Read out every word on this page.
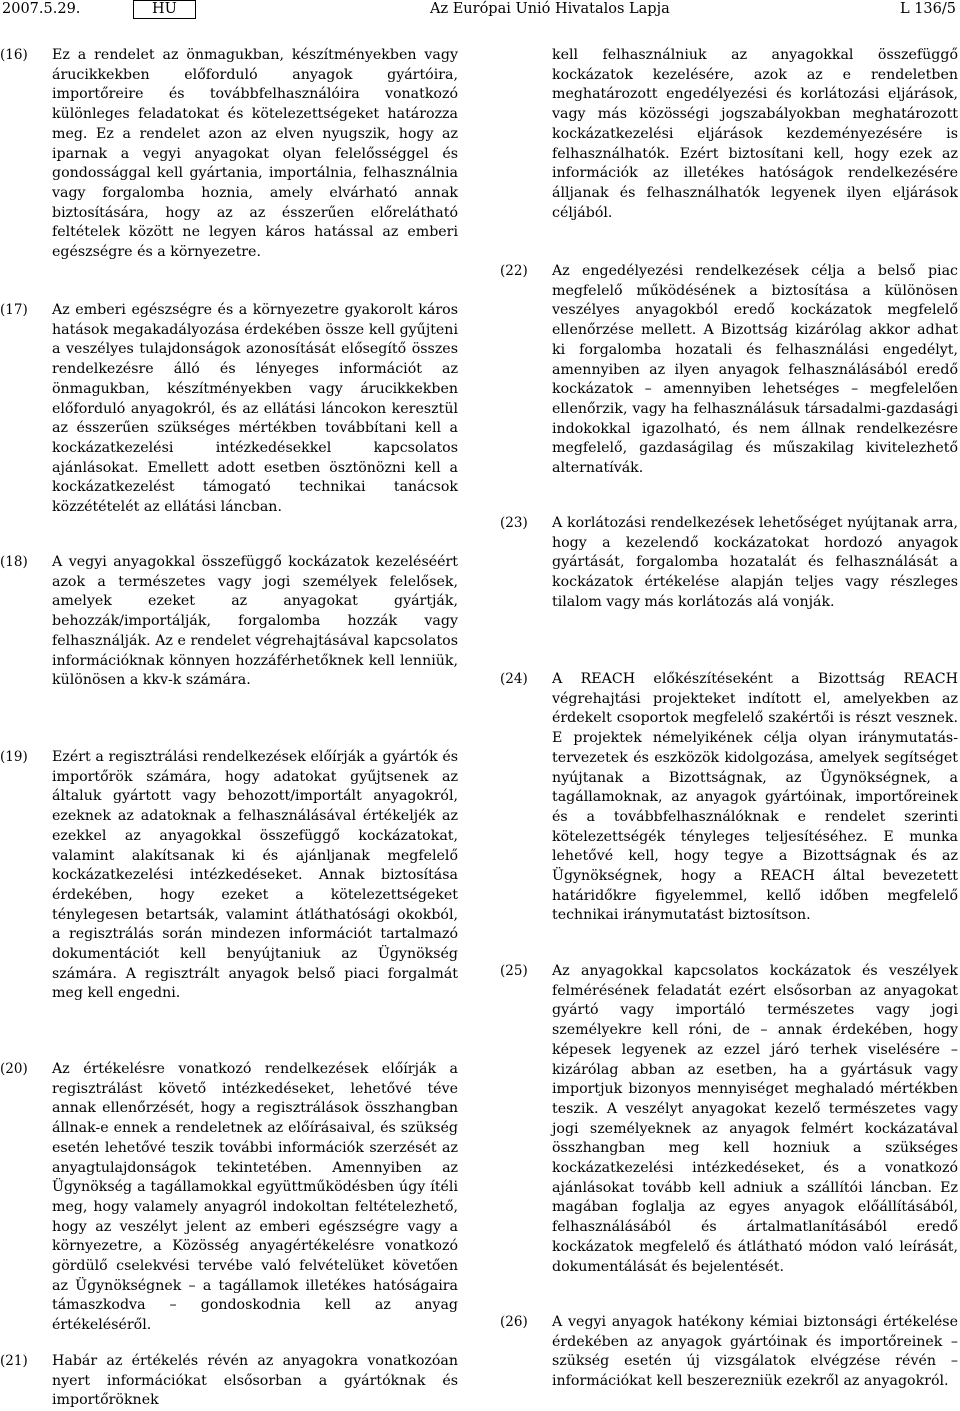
2007.5.29.	HU	Az Európai Unió Hivatalos Lapja	L 136/5
(16) Ez a rendelet az önmagukban, készítményekben vagy árucikkekben előforduló anyagok gyártóira, importőreire és továbbfelhasználóira vonatkozó különleges feladatokat és kötelezettségeket határozza meg. Ez a rendelet azon az elven nyugszik, hogy az iparnak a vegyi anyagokat olyan felelősséggel és gondossággal kell gyártania, importálnia, felhasználnia vagy forgalomba hoznia, amely elvárható annak biztosítására, hogy az az ésszerűen előrelátható feltételek között ne legyen káros hatással az emberi egészségre és a környezetre.
(17) Az emberi egészségre és a környezetre gyakorolt káros hatások megakadályozása érdekében össze kell gyűjteni a veszélyes tulajdonságok azonosítását elősegítő összes rendelkezésre álló és lényeges információt az önmagukban, készítményekben vagy árucikkekben előforduló anyagokról, és az ellátási láncokon keresztül az ésszerűen szükséges mértékben továbbítani kell a kockázatkezelési intézkedésekkel kapcsolatos ajánlásokat. Emellett adott esetben ösztönözni kell a kockázatkezelést támogató technikai tanácsok közzétételét az ellátási láncban.
(18) A vegyi anyagokkal összefüggő kockázatok kezeléséért azok a természetes vagy jogi személyek felelősek, amelyek ezeket az anyagokat gyártják, behozzák/importálják, forgalomba hozzák vagy felhasználják. Az e rendelet végrehajtásával kapcsolatos információknak könnyen hozzáférhetőknek kell lenniük, különösen a kkv-k számára.
(19) Ezért a regisztrálási rendelkezések előírják a gyártók és importőrök számára, hogy adatokat gyűjtsenek az általuk gyártott vagy behozott/importált anyagokról, ezeknek az adatoknak a felhasználásával értékeljék az ezekkel az anyagokkal összefüggő kockázatokat, valamint alakítsanak ki és ajánljanak megfelelő kockázatkezelési intézkedéseket. Annak biztosítása érdekében, hogy ezeket a kötelezettségeket ténylegesen betartsák, valamint átláthatósági okokból, a regisztrálás során mindezen információt tartalmazó dokumentációt kell benyújtaniuk az Ügynökség számára. A regisztrált anyagok belső piaci forgalmát meg kell engedni.
(20) Az értékelésre vonatkozó rendelkezések előírják a regisztrálást követő intézkedéseket, lehetővé téve annak ellenőrzését, hogy a regisztrálások összhangban állnak-e ennek a rendeletnek az előírásaival, és szükség esetén lehetővé teszik további információk szerzését az anyagtulajdonságok tekintetében. Amennyiben az Ügynökség a tagállamokkal együttműködésben úgy ítéli meg, hogy valamely anyagról indokoltan feltételezhető, hogy az veszélyt jelent az emberi egészségre vagy a környezetre, a Közösség anyagértékelésre vonatkozó gördülő cselekvési tervébe való felvételüket követően az Ügynökségnek – a tagállamok illetékes hatóságaira támaszkodva – gondoskodnia kell az anyag értékeléséről.
(21) Habár az értékelés révén az anyagokra vonatkozóan nyert információkat elsősorban a gyártóknak és importőröknek
kell felhasználniuk az anyagokkal összefüggő kockázatok kezelésére, azok az e rendeletben meghatározott engedélyezési és korlátozási eljárások, vagy más közösségi jogszabályokban meghatározott kockázatkezelési eljárások kezdeményezésére is felhasználhatók. Ezért biztosítani kell, hogy ezek az információk az illetékes hatóságok rendelkezésére álljanak és felhasználhatók legyenek ilyen eljárások céljából.
(22) Az engedélyezési rendelkezések célja a belső piac megfelelő működésének a biztosítása a különösen veszélyes anyagokból eredő kockázatok megfelelő ellenőrzése mellett. A Bizottság kizárólag akkor adhat ki forgalomba hozatali és felhasználási engedélyt, amennyiben az ilyen anyagok felhasználásából eredő kockázatok – amennyiben lehetséges – megfelelően ellenőrzik, vagy ha felhasználásuk társadalmi-gazdasági indokokkal igazolható, és nem állnak rendelkezésre megfelelő, gazdaságilag és műszakilag kivitelezhető alternatívák.
(23) A korlátozási rendelkezések lehetőséget nyújtanak arra, hogy a kezelendő kockázatokat hordozó anyagok gyártását, forgalomba hozatalát és felhasználását a kockázatok értékelése alapján teljes vagy részleges tilalom vagy más korlátozás alá vonják.
(24) A REACH előkészítéseként a Bizottság REACH végrehajtási projekteket indított el, amelyekben az érdekelt csoportok megfelelő szakértői is részt vesznek. E projektek némelyikének célja olyan iránymutatás-tervezetek és eszközök kidolgozása, amelyek segítséget nyújtanak a Bizottságnak, az Ügynökségnek, a tagállamoknak, az anyagok gyártóinak, importőreinek és a továbbfelhasználóknak e rendelet szerinti kötelezettségék tényleges teljesítéséhez. E munka lehetővé kell, hogy tegye a Bizottságnak és az Ügynökségnek, hogy a REACH által bevezetett határidőkre figyelemmel, kellő időben megfelelő technikai iránymutatást biztosítson.
(25) Az anyagokkal kapcsolatos kockázatok és veszélyek felmérésének feladatát ezért elsősorban az anyagokat gyártó vagy importáló természetes vagy jogi személyekre kell róni, de – annak érdekében, hogy képesek legyenek az ezzel járó terhek viselésére – kizárólag abban az esetben, ha a gyártásuk vagy importjuk bizonyos mennyiséget meghaladó mértékben teszik. A veszélyt anyagokat kezelő természetes vagy jogi személyeknek az anyagok felmért kockázatával összhangban meg kell hozniuk a szükséges kockázatkezelési intézkedéseket, és a vonatkozó ajánlásokat tovább kell adniuk a szállítói láncban. Ez magában foglalja az egyes anyagok előállításából, felhasználásából és ártalmatlanításából eredő kockázatok megfelelő és átlátható módon való leírását, dokumentálását és bejelentését.
(26) A vegyi anyagok hatékony kémiai biztonsági értékelése érdekében az anyagok gyártóinak és importőreinek – szükség esetén új vizsgálatok elvégzése révén – információkat kell beszerezniük ezekről az anyagokról.
